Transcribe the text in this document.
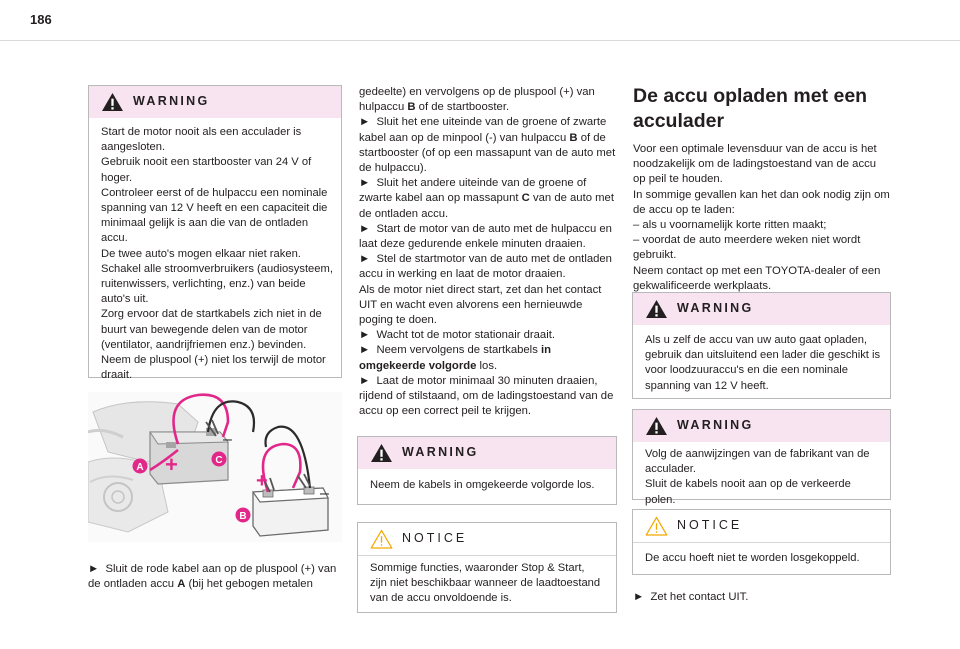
186
WARNING

Start de motor nooit als een acculader is aangesloten.

Gebruik nooit een startbooster van 24 V of hoger.

Controleer eerst of de hulpaccu een nominale spanning van 12 V heeft en een capaciteit die minimaal gelijk is aan die van de ontladen accu.

De twee auto's mogen elkaar niet raken.

Schakel alle stroomverbruikers (audiosysteem, ruitenwissers, verlichting, enz.) van beide auto's uit.

Zorg ervoor dat de startkabels zich niet in de buurt van bewegende delen van de motor (ventilator, aandrijfriemen enz.) bevinden.

Neem de pluspool (+) niet los terwijl de motor draait.

+
+
–
–
A
C
B

► Sluit de rode kabel aan op de pluspool (+) van de ontladen accu A (bij het gebogen metalen

gedeelte) en vervolgens op de pluspool (+) van hulpaccu B of de startbooster.

► Sluit het ene uiteinde van de groene of zwarte kabel aan op de minpool (-) van hulpaccu B of de startbooster (of op een massapunt van de auto met de hulpaccu).

► Sluit het andere uiteinde van de groene of zwarte kabel aan op massapunt C van de auto met de ontladen accu.

► Start de motor van de auto met de hulpaccu en laat deze gedurende enkele minuten draaien.

► Stel de startmotor van de auto met de ontladen accu in werking en laat de motor draaien.

Als de motor niet direct start, zet dan het contact UIT en wacht even alvorens een hernieuwde poging te doen.

► Wacht tot de motor stationair draait.

► Neem vervolgens de startkabels in omgekeerde volgorde los.

► Laat de motor minimaal 30 minuten draaien, rijdend of stilstaand, om de ladingstoestand van de accu op een correct peil te krijgen.

WARNING

Neem de kabels in omgekeerde volgorde los.

NOTICE

Sommige functies, waaronder Stop & Start, zijn niet beschikbaar wanneer de laadtoestand van de accu onvoldoende is.

De accu opladen met een acculader

Voor een optimale levensduur van de accu is het noodzakelijk om de ladingstoestand van de accu op peil te houden.

In sommige gevallen kan het dan ook nodig zijn om de accu op te laden:

– als u voornamelijk korte ritten maakt;

– voordat de auto meerdere weken niet wordt gebruikt.

Neem contact op met een TOYOTA-dealer of een gekwalificeerde werkplaats.

WARNING

Als u zelf de accu van uw auto gaat opladen, gebruik dan uitsluitend een lader die geschikt is voor loodzuuraccu's en die een nominale spanning van 12 V heeft.

WARNING

Volg de aanwijzingen van de fabrikant van de acculader.

Sluit de kabels nooit aan op de verkeerde polen.

NOTICE

De accu hoeft niet te worden losgekoppeld.

► Zet het contact UIT.
